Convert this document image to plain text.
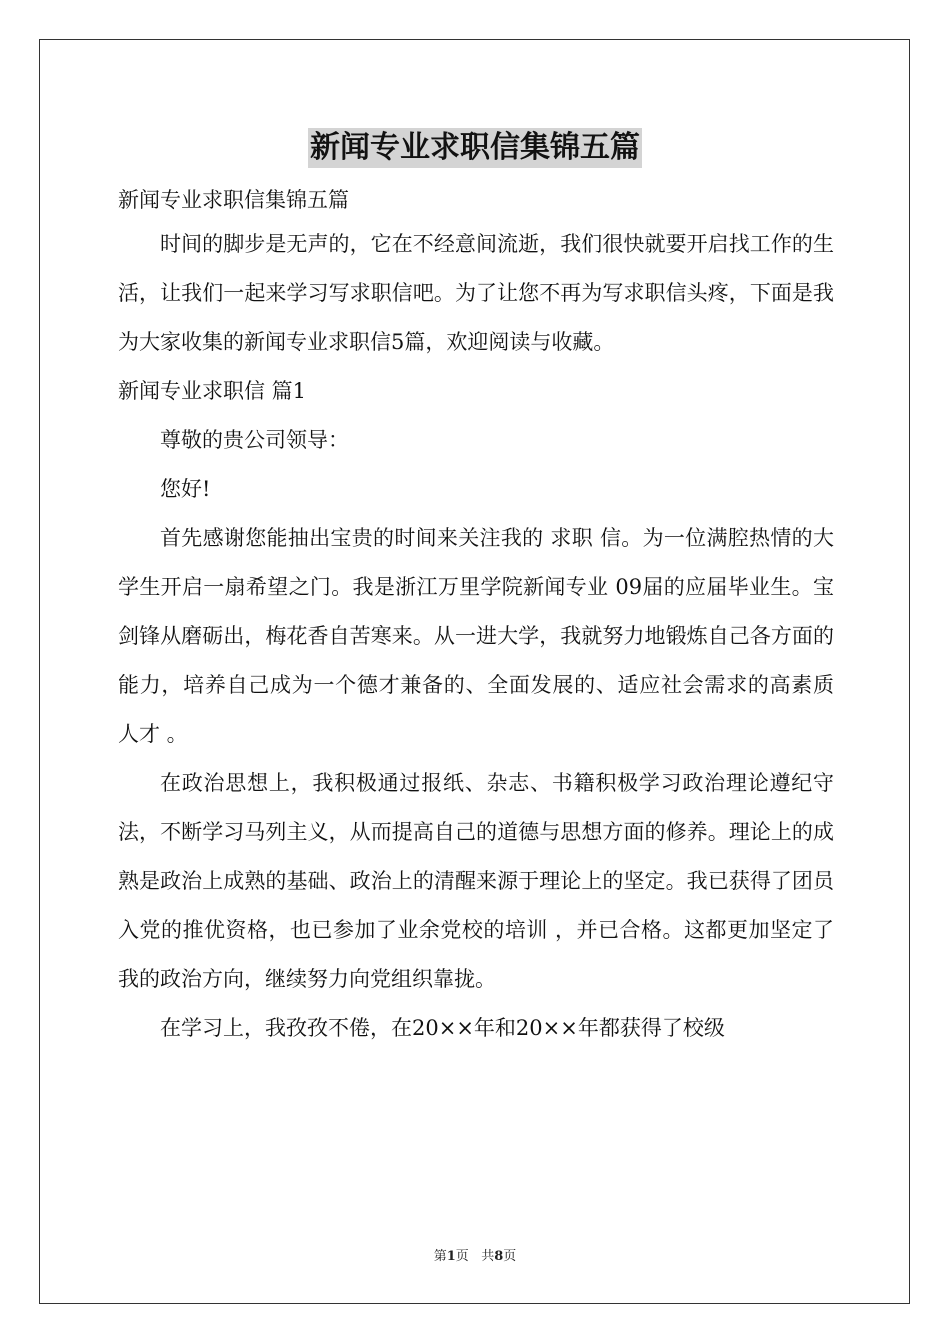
新闻专业求职信集锦五篇

新闻专业求职信集锦五篇

时间的脚步是无声的，它在不经意间流逝，我们很快就要开启找工作的生活，让我们一起来学习写求职信吧。为了让您不再为写求职信头疼，下面是我为大家收集的新闻专业求职信5篇，欢迎阅读与收藏。

新闻专业求职信 篇1

尊敬的贵公司领导：

您好!

首先感谢您能抽出宝贵的时间来关注我的 求职 信。为一位满腔热情的大学生开启一扇希望之门。我是浙江万里学院新闻专业 09届的应届毕业生。宝剑锋从磨砺出，梅花香自苦寒来。从一进大学，我就努力地锻炼自己各方面的能力，培养自己成为一个德才兼备的、全面发展的、适应社会需求的高素质 人才 。

在政治思想上，我积极通过报纸、杂志、书籍积极学习政治理论遵纪守法，不断学习马列主义，从而提高自己的道德与思想方面的修养。理论上的成熟是政治上成熟的基础、政治上的清醒来源于理论上的坚定。我已获得了团员入党的推优资格，也已参加了业余党校的培训 ，并已合格。这都更加坚定了我的政治方向，继续努力向党组织靠拢。

在学习上，我孜孜不倦，在20××年和20××年都获得了校级

第1页 共8页
